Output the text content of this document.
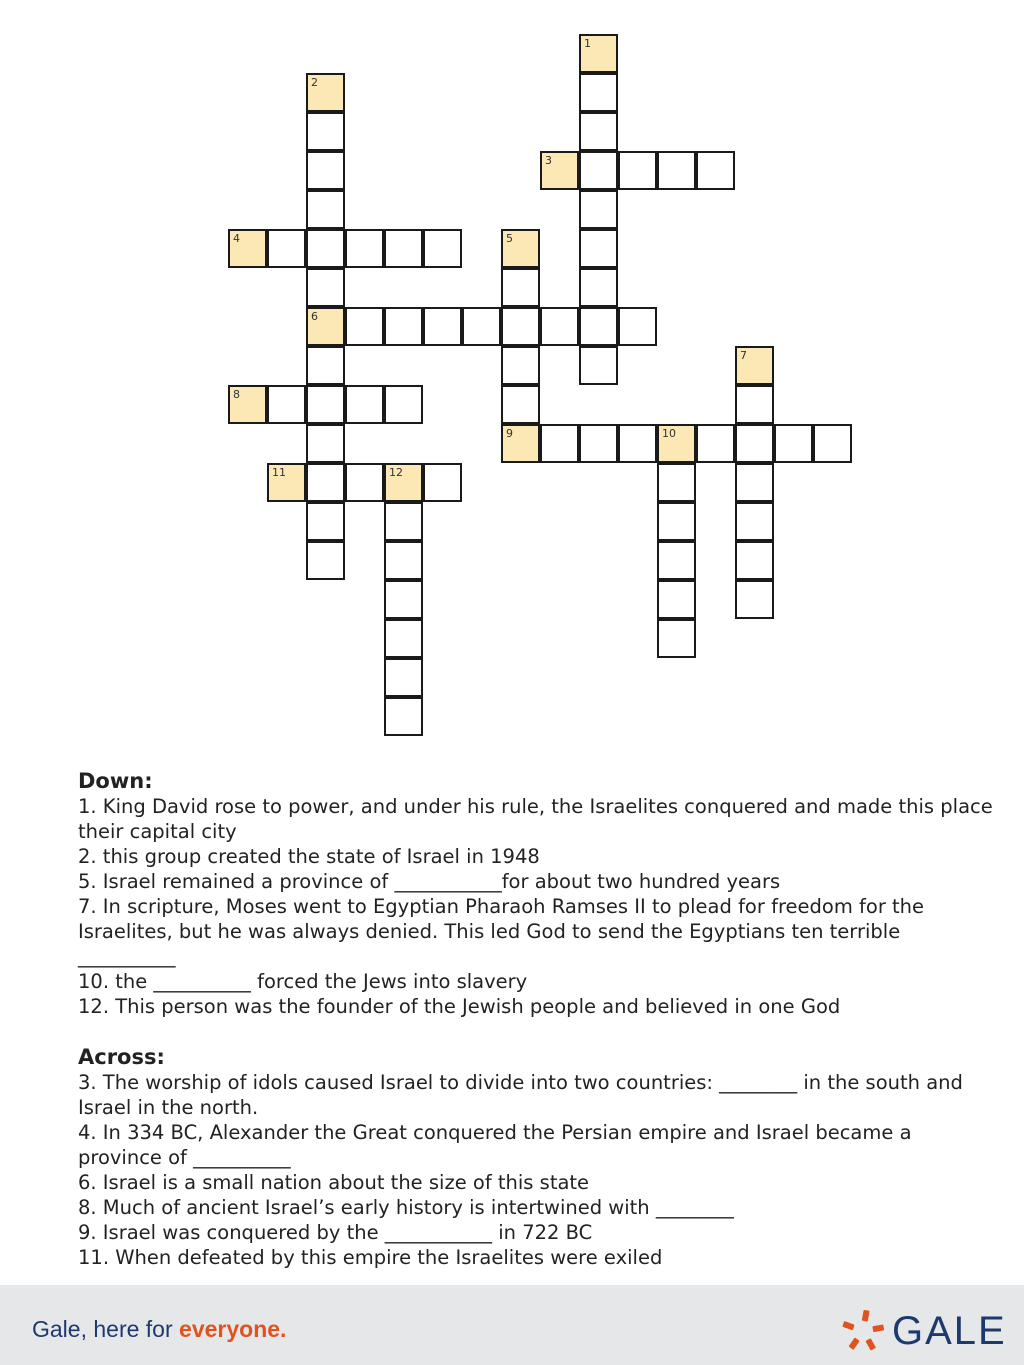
1
2
6
3
4	5
9
7
8
10
11	12
Down:

1. King David rose to power, and under his rule, the Israelites conquered and made this place their capital city

2. this group created the state of Israel in 1948

5. Israel remained a province of ___________for about two hundred years

7. In scripture, Moses went to Egyptian Pharaoh Ramses II to plead for freedom for the Israelites, but he was always denied. This led God to send the Egyptians ten terrible __________

10. the __________ forced the Jews into slavery

12. This person was the founder of the Jewish people and believed in one God

Across:

3. The worship of idols caused Israel to divide into two countries: ________ in the south and Israel in the north.

4. In 334 BC, Alexander the Great conquered the Persian empire and Israel became a province of __________

6. Israel is a small nation about the size of this state

8. Much of ancient Israel’s early history is intertwined with ________

9. Israel was conquered by the ___________ in 722 BC

11. When defeated by this empire the Israelites were exiled

Gale, here for everyone.	GALE
